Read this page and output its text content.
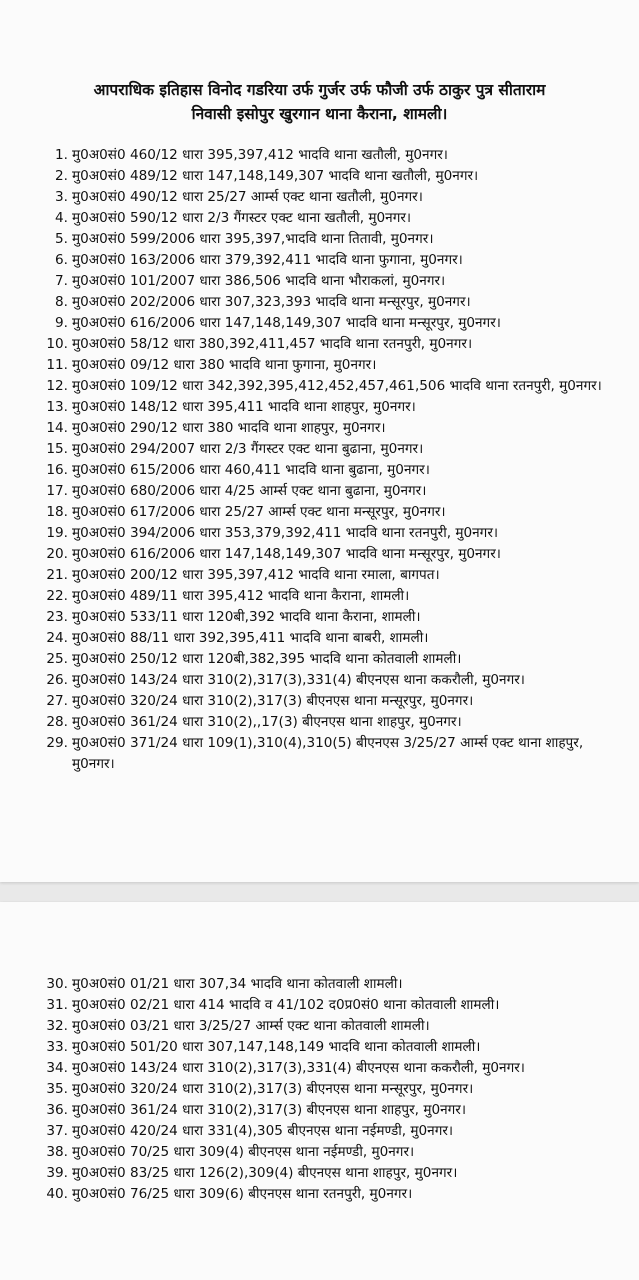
आपराधिक इतिहास विनोद गडरिया उर्फ गुर्जर उर्फ फौजी उर्फ ठाकुर पुत्र सीताराम
निवासी इसोपुर खुरगान थाना कैराना, शामली।
1. मु0अ0सं0 460/12 धारा 395,397,412 भादवि थाना खतौली, मु0नगर।
2. मु0अ0सं0 489/12 धारा 147,148,149,307 भादवि थाना खतौली, मु0नगर।
3. मु0अ0सं0 490/12 धारा 25/27 आर्म्स एक्ट थाना खतौली, मु0नगर।
4. मु0अ0सं0 590/12 धारा 2/3 गैंगस्टर एक्ट थाना खतौली, मु0नगर।
5. मु0अ0सं0 599/2006 धारा 395,397,भादवि थाना तितावी, मु0नगर।
6. मु0अ0सं0 163/2006 धारा 379,392,411 भादवि थाना फुगाना, मु0नगर।
7. मु0अ0सं0 101/2007 धारा 386,506 भादवि थाना भौराकलां, मु0नगर।
8. मु0अ0सं0 202/2006 धारा 307,323,393 भादवि थाना मन्सूरपुर, मु0नगर।
9. मु0अ0सं0 616/2006 धारा 147,148,149,307 भादवि थाना मन्सूरपुर, मु0नगर।
10. मु0अ0सं0 58/12 धारा 380,392,411,457 भादवि थाना रतनपुरी, मु0नगर।
11. मु0अ0सं0 09/12 धारा 380 भादवि थाना फुगाना, मु0नगर।
12. मु0अ0सं0 109/12 धारा 342,392,395,412,452,457,461,506 भादवि थाना रतनपुरी, मु0नगर।
13. मु0अ0सं0 148/12 धारा 395,411 भादवि थाना शाहपुर, मु0नगर।
14. मु0अ0सं0 290/12 धारा 380 भादवि थाना शाहपुर, मु0नगर।
15. मु0अ0सं0 294/2007 धारा 2/3 गैंगस्टर एक्ट थाना बुढाना, मु0नगर।
16. मु0अ0सं0 615/2006 धारा 460,411 भादवि थाना बुढाना, मु0नगर।
17. मु0अ0सं0 680/2006 धारा 4/25 आर्म्स एक्ट थाना बुढाना, मु0नगर।
18. मु0अ0सं0 617/2006 धारा 25/27 आर्म्स एक्ट थाना मन्सूरपुर, मु0नगर।
19. मु0अ0सं0 394/2006 धारा 353,379,392,411 भादवि थाना रतनपुरी, मु0नगर।
20. मु0अ0सं0 616/2006 धारा 147,148,149,307 भादवि थाना मन्सूरपुर, मु0नगर।
21. मु0अ0सं0 200/12 धारा 395,397,412 भादवि थाना रमाला, बागपत।
22. मु0अ0सं0 489/11 धारा 395,412 भादवि थाना कैराना, शामली।
23. मु0अ0सं0 533/11 धारा 120बी,392 भादवि थाना कैराना, शामली।
24. मु0अ0सं0 88/11 धारा 392,395,411 भादवि थाना बाबरी, शामली।
25. मु0अ0सं0 250/12 धारा 120बी,382,395 भादवि थाना कोतवाली शामली।
26. मु0अ0सं0 143/24 धारा 310(2),317(3),331(4) बीएनएस थाना ककरौली, मु0नगर।
27. मु0अ0सं0 320/24 धारा 310(2),317(3) बीएनएस थाना मन्सूरपुर, मु0नगर।
28. मु0अ0सं0 361/24 धारा 310(2),,17(3) बीएनएस थाना शाहपुर, मु0नगर।
29. मु0अ0सं0 371/24 धारा 109(1),310(4),310(5) बीएनएस 3/25/27 आर्म्स एक्ट थाना शाहपुर, मु0नगर।
30. मु0अ0सं0 01/21 धारा 307,34 भादवि थाना कोतवाली शामली।
31. मु0अ0सं0 02/21 धारा 414 भादवि व 41/102 द0प्र0सं0 थाना कोतवाली शामली।
32. मु0अ0सं0 03/21 धारा 3/25/27 आर्म्स एक्ट थाना कोतवाली शामली।
33. मु0अ0सं0 501/20 धारा 307,147,148,149 भादवि थाना कोतवाली शामली।
34. मु0अ0सं0 143/24 धारा 310(2),317(3),331(4) बीएनएस थाना ककरौली, मु0नगर।
35. मु0अ0सं0 320/24 धारा 310(2),317(3) बीएनएस थाना मन्सूरपुर, मु0नगर।
36. मु0अ0सं0 361/24 धारा 310(2),317(3) बीएनएस थाना शाहपुर, मु0नगर।
37. मु0अ0सं0 420/24 धारा 331(4),305 बीएनएस थाना नईमण्डी, मु0नगर।
38. मु0अ0सं0 70/25 धारा 309(4) बीएनएस थाना नईमण्डी, मु0नगर।
39. मु0अ0सं0 83/25 धारा 126(2),309(4) बीएनएस थाना शाहपुर, मु0नगर।
40. मु0अ0सं0 76/25 धारा 309(6) बीएनएस थाना रतनपुरी, मु0नगर।
